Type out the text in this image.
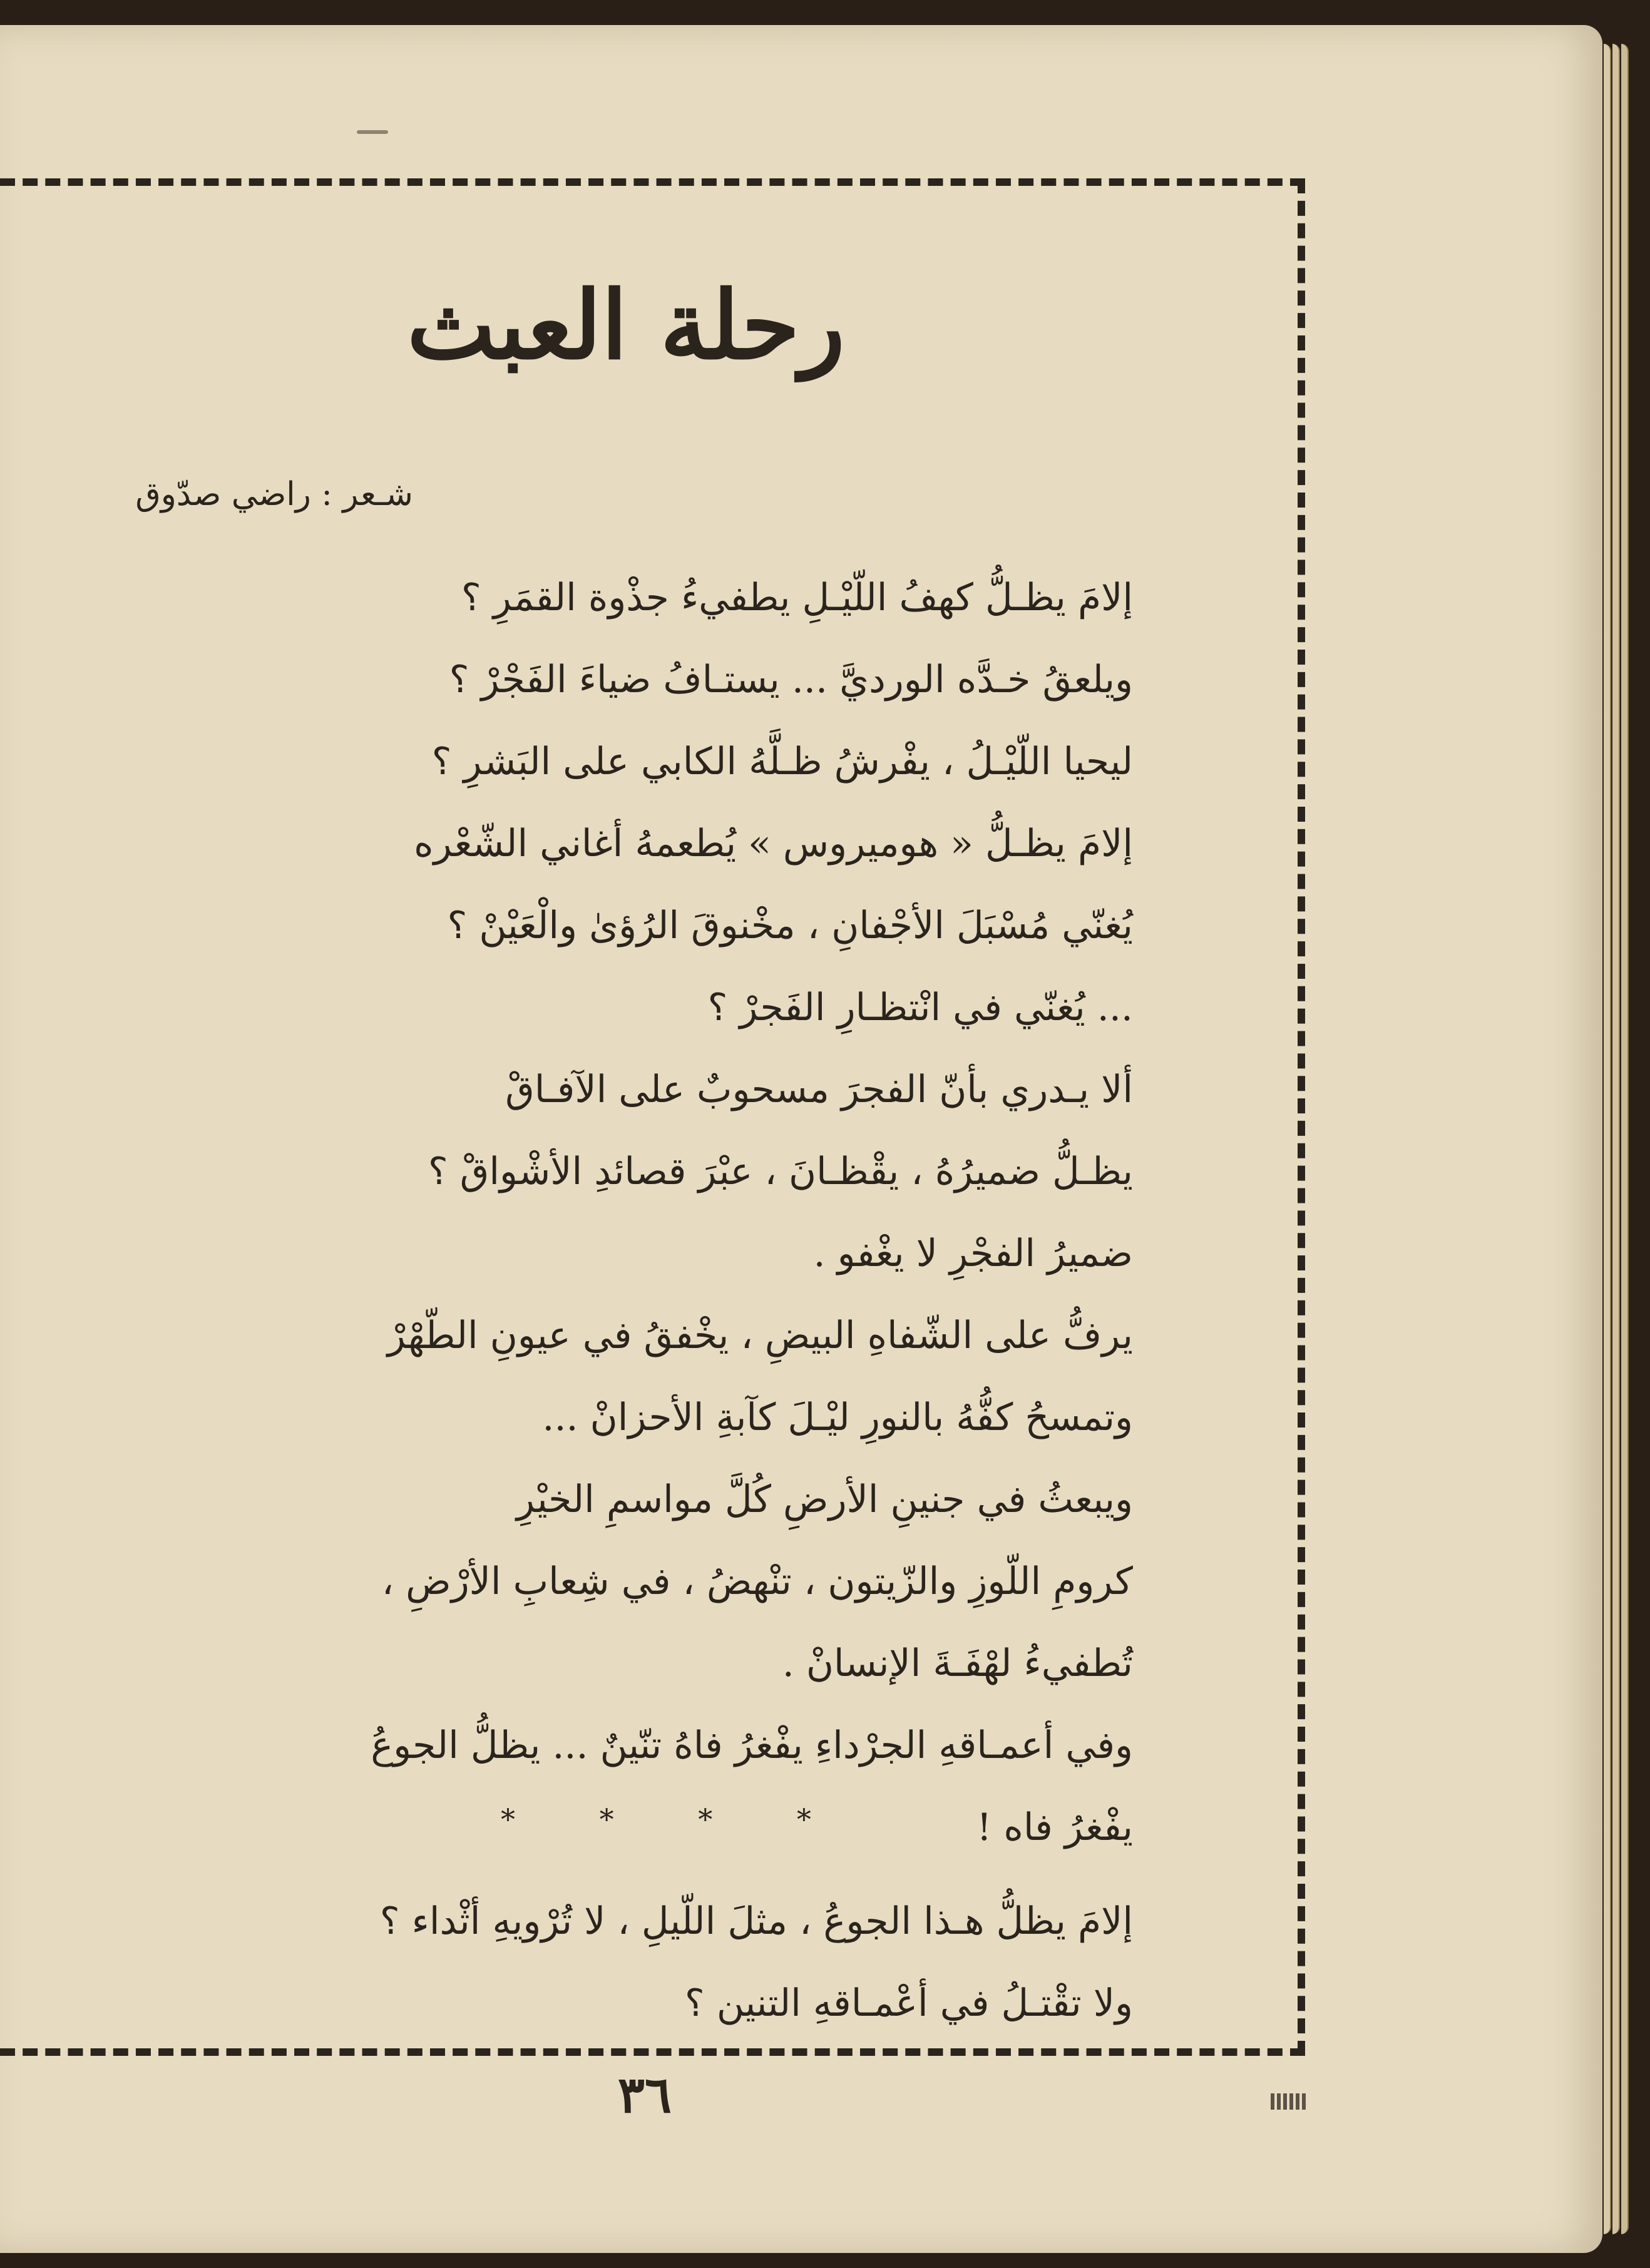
رحلة العبث
شـعر : راضي صدّوق
إلامَ يظـلُّ كهفُ اللّيْـلِ يطفيءُ جذْوة القمَرِ ؟
ويلعقُ خـدَّه الورديَّ ... يستـافُ ضياءَ الفَجْرْ ؟
ليحيا اللّيْـلُ ، يفْرشُ ظـلَّهُ الكابي على البَشرِ ؟
إلامَ يظـلُّ « هوميروس » يُطعمهُ أغاني الشّعْره
يُغنّي مُسْبَلَ الأجْفانِ ، مخْنوقَ الرُؤىٰ والْعَيْنْ ؟
... يُغنّي في انْتظـارِ الفَجرْ ؟
ألا يـدري بأنّ الفجرَ مسحوبٌ على الآفـاقْ
يظـلُّ ضميرُهُ ، يقْظـانَ ، عبْرَ قصائدِ الأشْواقْ ؟
ضميرُ الفجْرِ لا يغْفو .
يرفُّ على الشّفاهِ البيضِ ، يخْفقُ في عيونِ الطّهْرْ
وتمسحُ كفُّهُ بالنورِ ليْـلَ كآبةِ الأحزانْ ...
ويبعثُ في جنينِ الأرضِ كُلَّ مواسمِ الخيْرِ
كرومِ اللّوزِ والزّيتون ، تنْهضُ ، في شِعابِ الأرْضِ ،
تُطفيءُ لهْفَـةَ الإنسانْ .
وفي أعمـاقهِ الجرْداءِ يفْغرُ فاهُ تنّينٌ ... يظلُّ الجوعُ
يفْغرُ فاه !
* * * *
إلامَ يظلُّ هـذا الجوعُ ، مثلَ اللّيلِ ، لا تُرْويهِ أثْداء ؟
ولا تقْتـلُ في أعْمـاقهِ التنين ؟
٣٦
